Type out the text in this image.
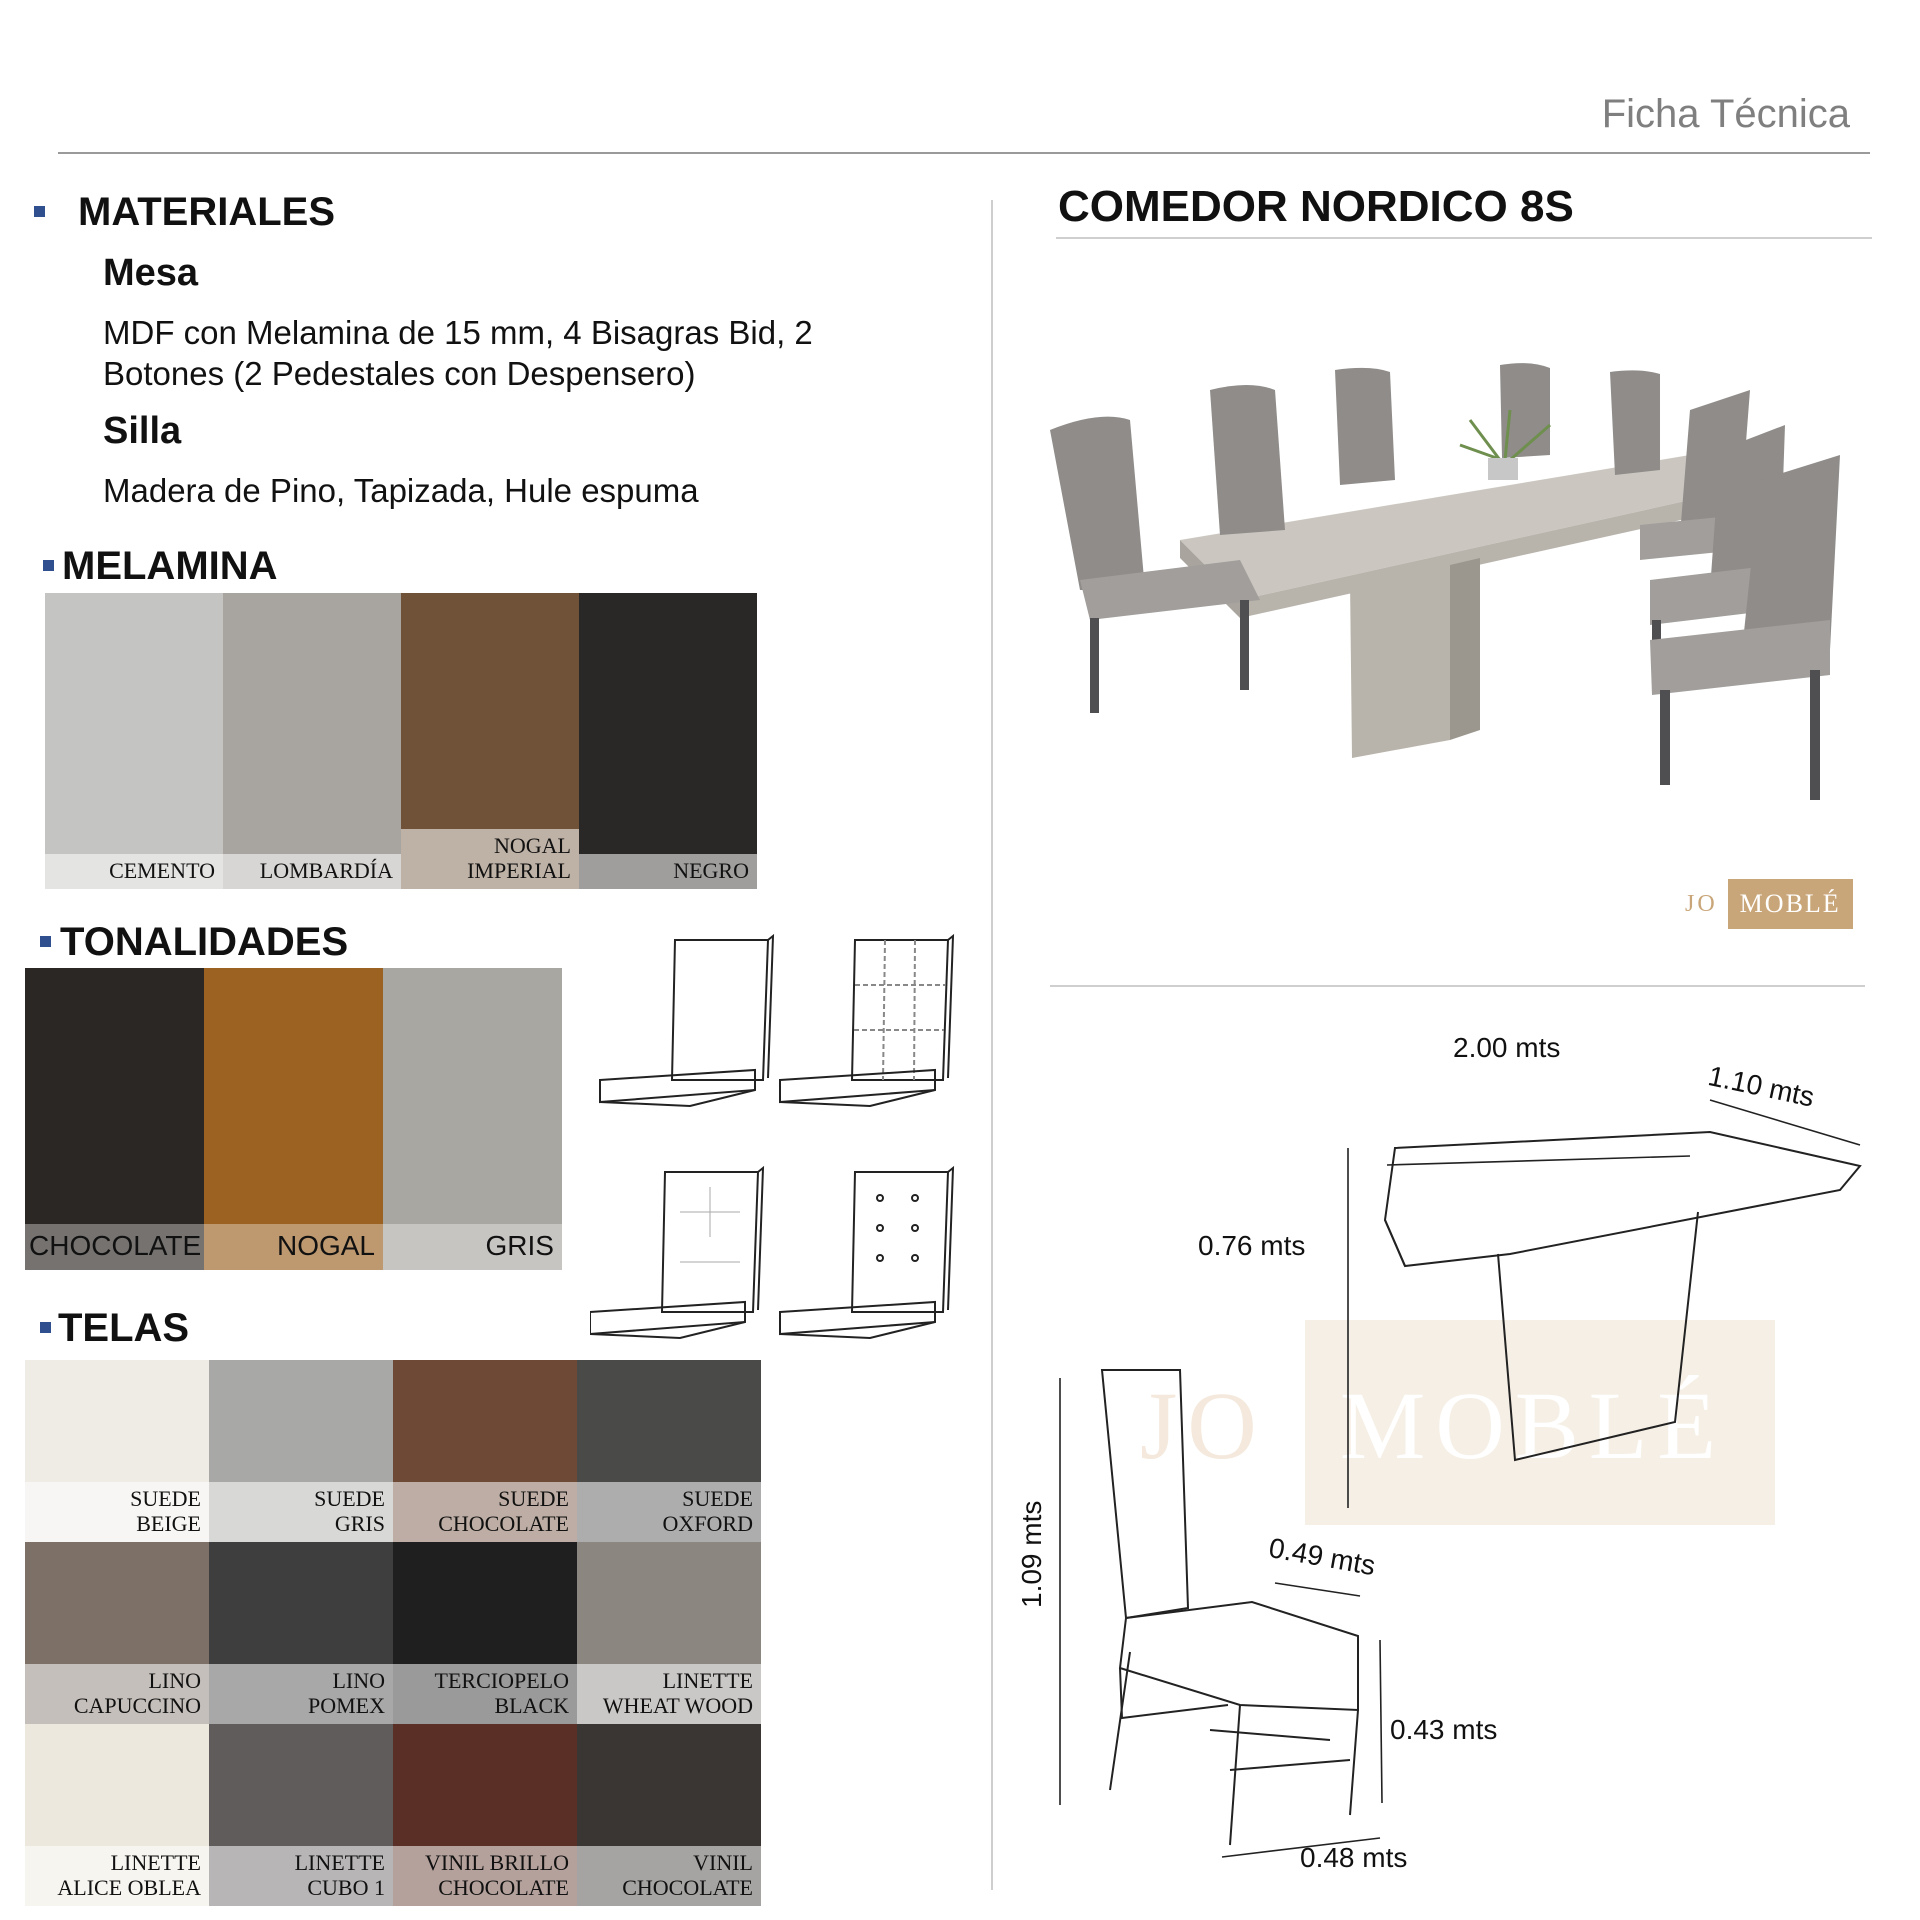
Ficha Técnica
MATERIALES
Mesa
MDF con Melamina de 15 mm, 4 Bisagras Bid, 2
Botones (2 Pedestales con Despensero)
Silla
Madera de Pino, Tapizada, Hule espuma
MELAMINA
CEMENTO	LOMBARDÍA
NOGAL
IMPERIAL	NEGRO
TONALIDADES
CHOCOLATE	NOGAL	GRIS
TELAS
SUEDE
BEIGE
SUEDE
GRIS
SUEDE
CHOCOLATE
SUEDE
OXFORD
LINO
CAPUCCINO
LINO
POMEX
TERCIOPELO
BLACK
LINETTE
WHEAT WOOD
LINETTE
ALICE OBLEA
LINETTE
CUBO 1
VINIL BRILLO
CHOCOLATE
VINIL
CHOCOLATE
COMEDOR NORDICO 8S
JO MOBLÉ
JO MOBLÉ
2.00 mts
1.10 mts
0.76 mts
1.09 mts	0.49 mts
0.43 mts
0.48 mts
